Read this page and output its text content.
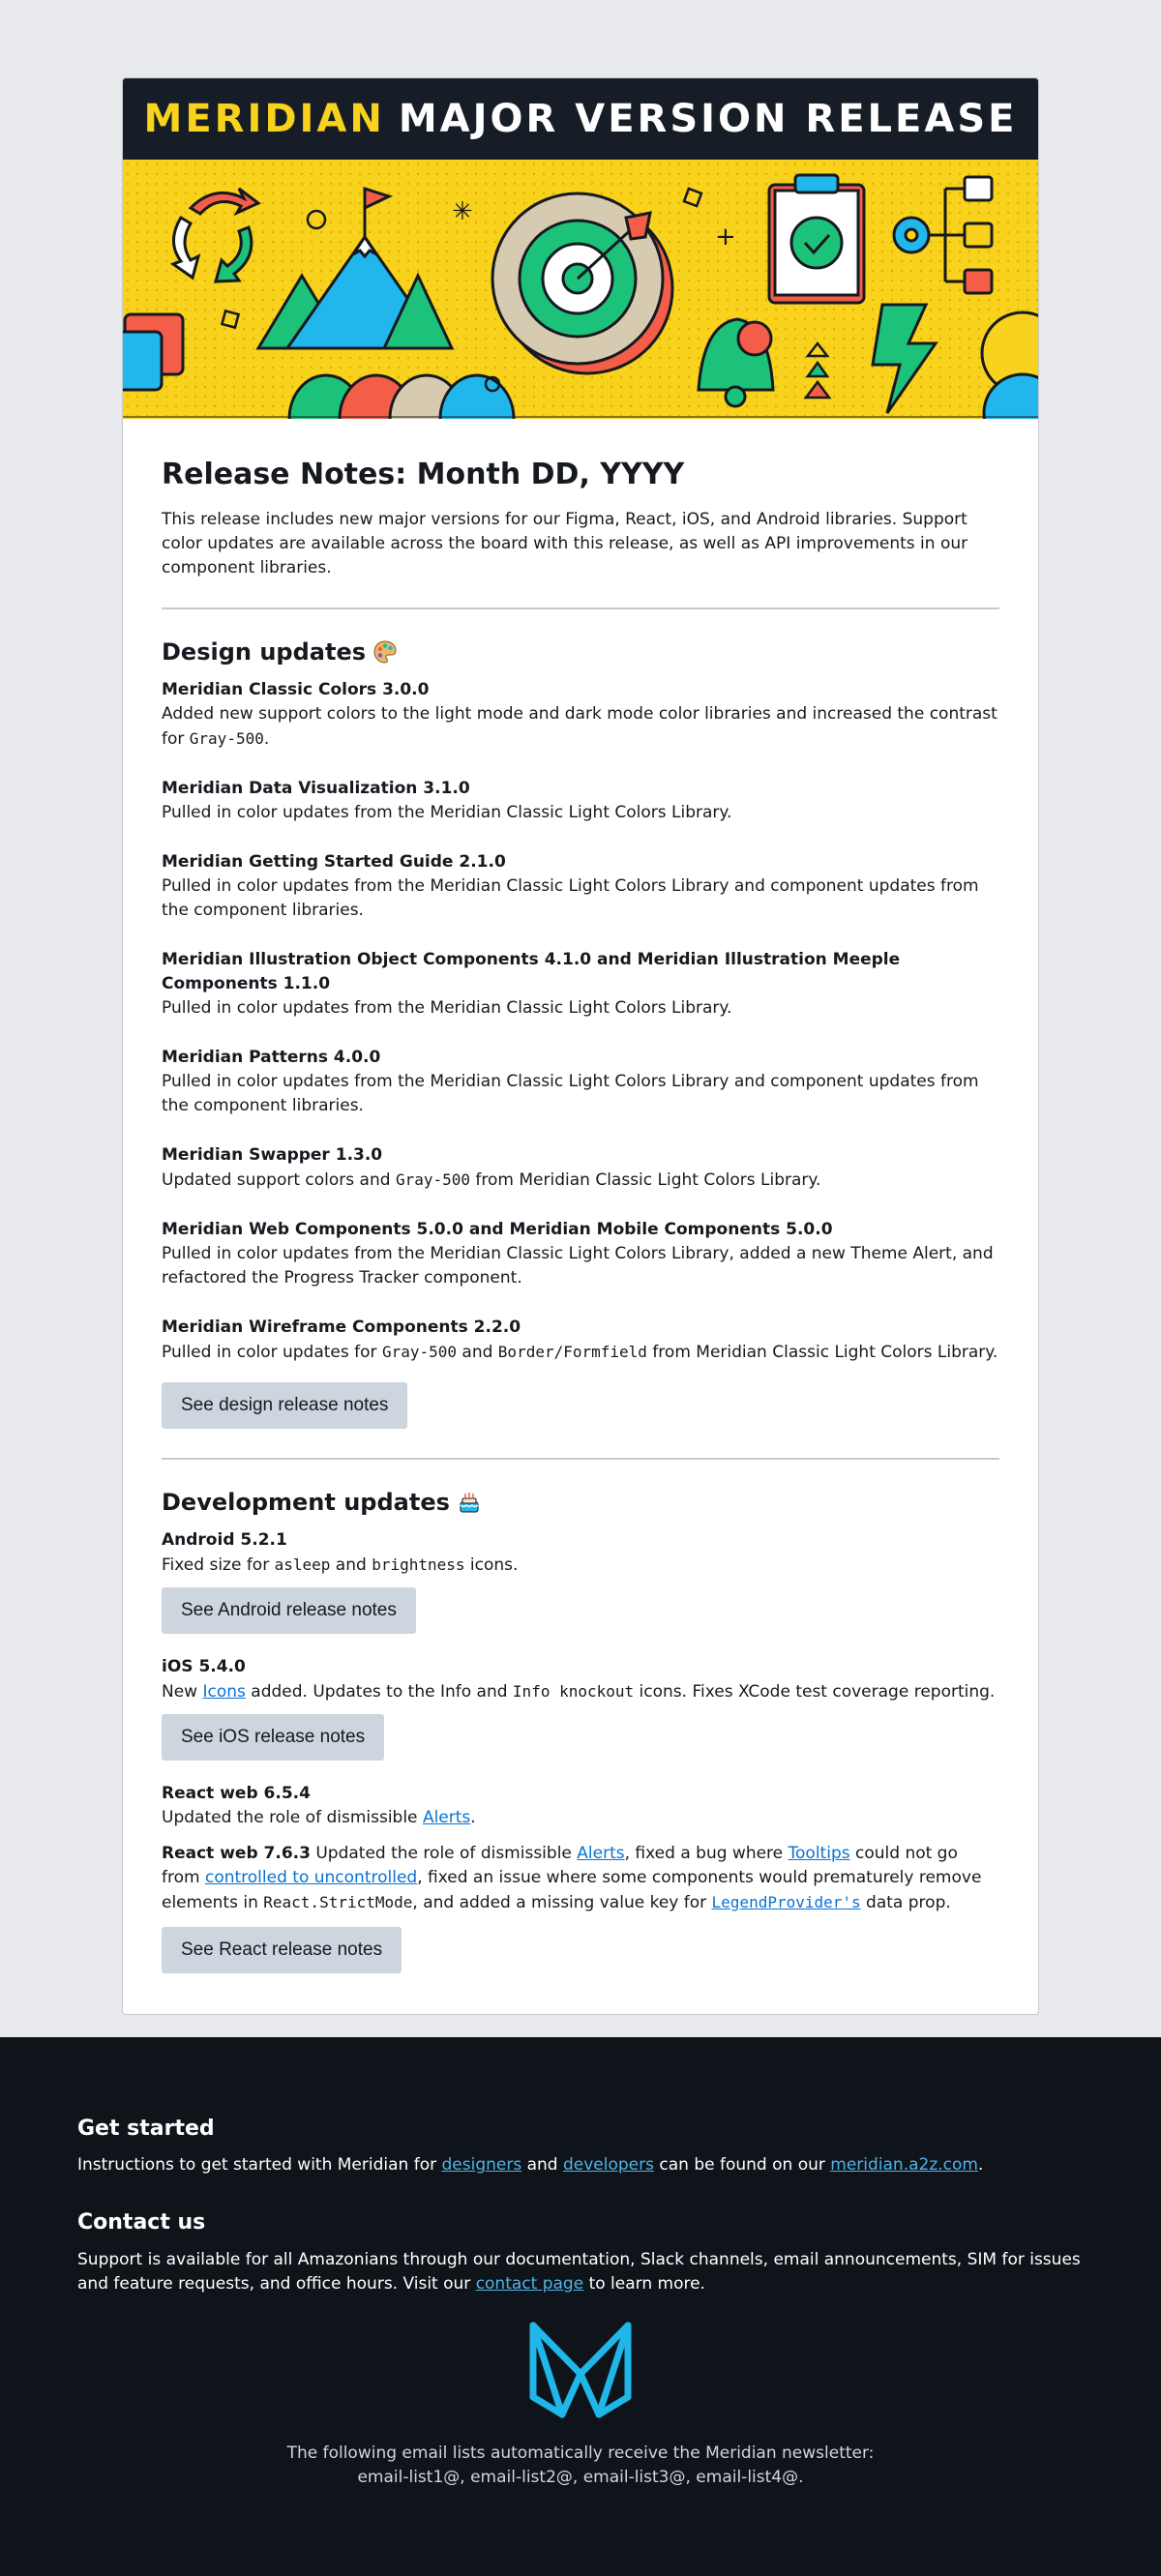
MERIDIAN MAJOR VERSION RELEASE
✳
+
Release Notes: Month DD, YYYY

This release includes new major versions for our Figma, React, iOS, and Android libraries. Support color updates are available across the board with this release, as well as API improvements in our component libraries.

Design updates
Meridian Classic Colors 3.0.0

Added new support colors to the light mode and dark mode color libraries and increased the contrast for Gray-500.

Meridian Data Visualization 3.1.0

Pulled in color updates from the Meridian Classic Light Colors Library.

Meridian Getting Started Guide 2.1.0

Pulled in color updates from the Meridian Classic Light Colors Library and component updates from the component libraries.

Meridian Illustration Object Components 4.1.0 and Meridian Illustration Meeple Components 1.1.0

Pulled in color updates from the Meridian Classic Light Colors Library.

Meridian Patterns 4.0.0

Pulled in color updates from the Meridian Classic Light Colors Library and component updates from the component libraries.

Meridian Swapper 1.3.0

Updated support colors and Gray-500 from Meridian Classic Light Colors Library.

Meridian Web Components 5.0.0 and Meridian Mobile Components 5.0.0

Pulled in color updates from the Meridian Classic Light Colors Library, added a new Theme Alert, and refactored the Progress Tracker component.

Meridian Wireframe Components 2.2.0

Pulled in color updates for Gray-500 and Border/Formfield from Meridian Classic Light Colors Library.

See design release notes
Development updates
Android 5.2.1

Fixed size for asleep and brightness icons.

See Android release notes
iOS 5.4.0

New Icons added. Updates to the Info and Info knockout icons. Fixes XCode test coverage reporting.

See iOS release notes
React web 6.5.4

Updated the role of dismissible Alerts.

React web 7.6.3 Updated the role of dismissible Alerts, fixed a bug where Tooltips could not go from controlled to uncontrolled, fixed an issue where some components would prematurely remove elements in React.StrictMode, and added a missing value key for LegendProvider's data prop.

See React release notes
Get started

Instructions to get started with Meridian for designers and developers can be found on our meridian.a2z.com.

Contact us

Support is available for all Amazonians through our documentation, Slack channels, email announcements, SIM for issues and feature requests, and office hours. Visit our contact page to learn more.

The following email lists automatically receive the Meridian newsletter:
email-list1@, email-list2@, email-list3@, email-list4@.
